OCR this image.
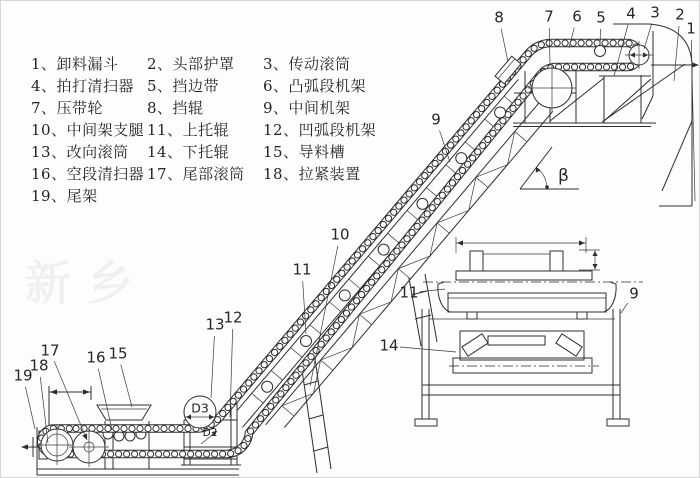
新乡
β
D3
D2
1
2
3
4
5
6
7
8
9
10
11
12
13
15
16
17
18
19
11	9
14
1、卸料漏斗 2、头部护罩 3、传动滚筒
4、拍打清扫器 5、挡边带	6、凸弧段机架
7、压带轮	8、挡辊	9、中间机架
10、中间架支腿 11、上托辊 12、凹弧段机架
13、改向滚筒 14、下托辊 15、导料槽
16、空段清扫器 17、尾部滚筒 18、拉紧装置
19、尾架
